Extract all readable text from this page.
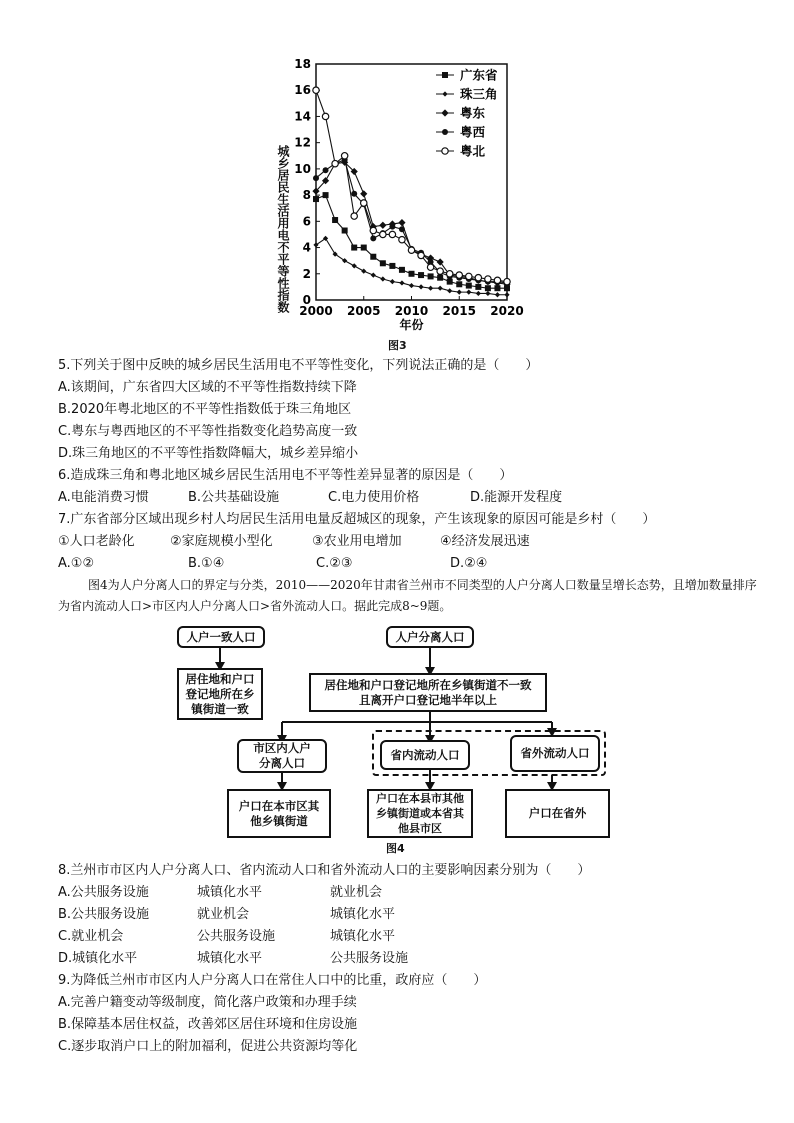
城乡居民生活用电不平等性指数 0
2
4
6
8
10
12
14
16
18
2000 2005 2010 2015 2020
年份
广东省
珠三角
粤东
粤西
粤北
图3
5.下列关于图中反映的城乡居民生活用电不平等性变化，下列说法正确的是（　　）
A.该期间，广东省四大区域的不平等性指数持续下降
B.2020年粤北地区的不平等性指数低于珠三角地区
C.粤东与粤西地区的不平等性指数变化趋势高度一致
D.珠三角地区的不平等性指数降幅大，城乡差异缩小
6.造成珠三角和粤北地区城乡居民生活用电不平等性差异显著的原因是（　　）
A.电能消费习惯	B.公共基础设施	C.电力使用价格	D.能源开发程度
7.广东省部分区域出现乡村人均居民生活用电量反超城区的现象，产生该现象的原因可能是乡村（　　）
①人口老龄化	②家庭规模小型化	③农业用电增加	④经济发展迅速
A.①②	B.①④	C.②③	D.②④
图4为人户分离人口的界定与分类，2010——2020年甘肃省兰州市不同类型的人户分离人口数量呈增长态势，且增加数量排序为省内流动人口>市区内人户分离人口>省外流动人口。据此完成8~9题。
人户一致人口
居住地和户口登记地所在乡镇街道一致
人户分离人口
居住地和户口登记地所在乡镇街道不一致且离开户口登记地半年以上
市区内人户分离人口
省内流动人口	省外流动人口
户口在本市区其他乡镇街道
户口在本县市其他乡镇街道或本省其他县市区
户口在省外
图4
8.兰州市市区内人户分离人口、省内流动人口和省外流动人口的主要影响因素分别为（　　）
A.公共服务设施	城镇化水平	就业机会
B.公共服务设施	就业机会	城镇化水平
C.就业机会	公共服务设施	城镇化水平
D.城镇化水平	城镇化水平	公共服务设施
9.为降低兰州市市区内人户分离人口在常住人口中的比重，政府应（　　）
A.完善户籍变动等级制度，简化落户政策和办理手续
B.保障基本居住权益，改善郊区居住环境和住房设施
C.逐步取消户口上的附加福利，促进公共资源均等化
